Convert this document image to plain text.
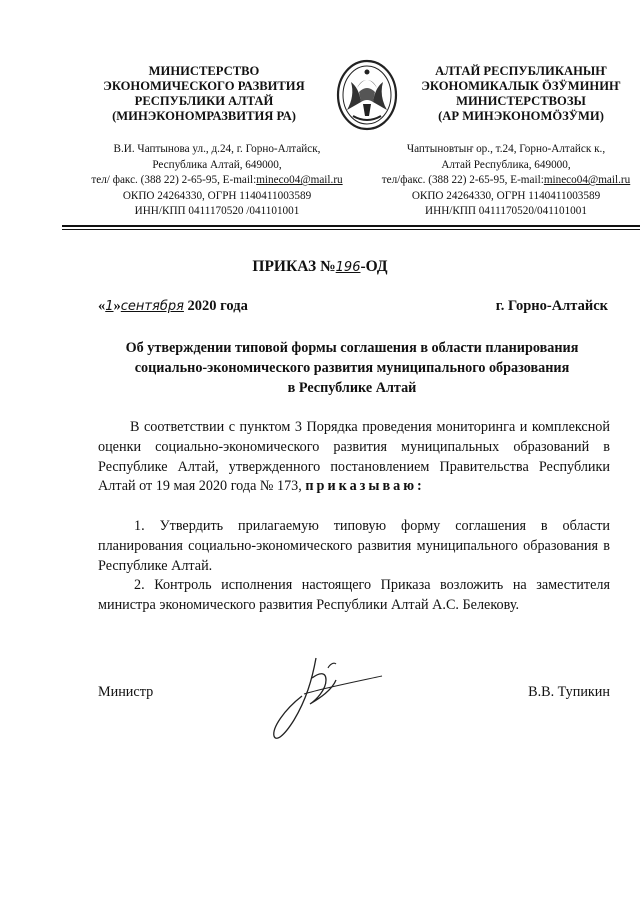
МИНИСТЕРСТВО
ЭКОНОМИЧЕСКОГО РАЗВИТИЯ
РЕСПУБЛИКИ АЛТАЙ
(МИНЭКОНОМРАЗВИТИЯ РА)
АЛТАЙ РЕСПУБЛИКАНЫҤ
ЭКОНОМИКАЛЫК ӦЗӰМИНИҤ
МИНИСТЕРСТВОЗЫ
(АР МИНЭКОНОМӦЗӰМИ)
В.И. Чаптынова ул., д.24, г. Горно-Алтайск,
Республика Алтай, 649000,
тел/ факс. (388 22) 2-65-95, E-mail:mineco04@mail.ru
ОКПО 24264330, ОГРН 1140411003589
ИНН/КПП 0411170520 /041101001
Чаптыновтыҥ ор., т.24, Горно-Алтайск к.,
Алтай Республика, 649000,
тел/факс. (388 22) 2-65-95, E-mail:mineco04@mail.ru
ОКПО 24264330, ОГРН 1140411003589
ИНН/КПП 0411170520/041101001
ПРИКАЗ №196-ОД
«1»сентября 2020 года	г. Горно-Алтайск
Об утверждении типовой формы соглашения в области планирования
социально-экономического развития муниципального образования
в Республике Алтай
В соответствии с пунктом 3 Порядка проведения мониторинга и комплексной оценки социально-экономического развития муниципальных образований в Республике Алтай, утвержденного постановлением Правительства Республики Алтай от 19 мая 2020 года № 173, приказываю:
1. Утвердить прилагаемую типовую форму соглашения в области планирования социально-экономического развития муниципального образования в Республике Алтай.
2. Контроль исполнения настоящего Приказа возложить на заместителя министра экономического развития Республики Алтай А.С. Белекову.
Министр	В.В. Тупикин
